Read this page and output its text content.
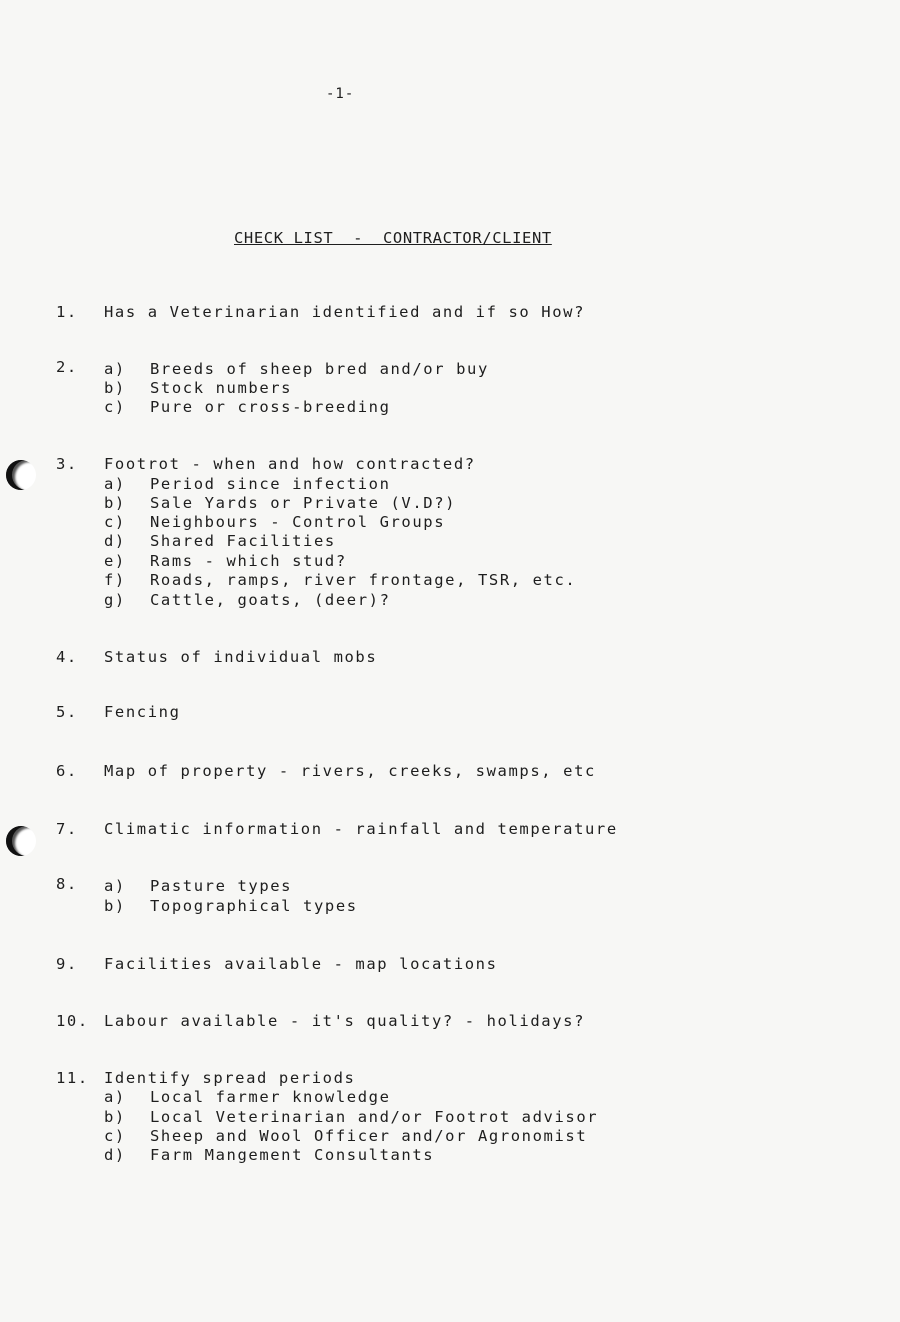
-1-
CHECK LIST  -  CONTRACTOR/CLIENT
1.	Has a Veterinarian identified and if so How?
2.	a) Breeds of sheep bred and/or buy
b) Stock numbers
c) Pure or cross-breeding
3.	Footrot - when and how contracted?
a) Period since infection
b) Sale Yards or Private (V.D?)
c) Neighbours - Control Groups
d) Shared Facilities
e) Rams - which stud?
f) Roads, ramps, river frontage, TSR, etc.
g) Cattle, goats, (deer)?
4.	Status of individual mobs
5.	Fencing
6.	Map of property - rivers, creeks, swamps, etc
7.	Climatic information - rainfall and temperature
8.	a) Pasture types
b) Topographical types
9.	Facilities available - map locations
10. Labour available - it's quality? - holidays?
11. Identify spread periods
a) Local farmer knowledge
b) Local Veterinarian and/or Footrot advisor
c) Sheep and Wool Officer and/or Agronomist
d) Farm Mangement Consultants
